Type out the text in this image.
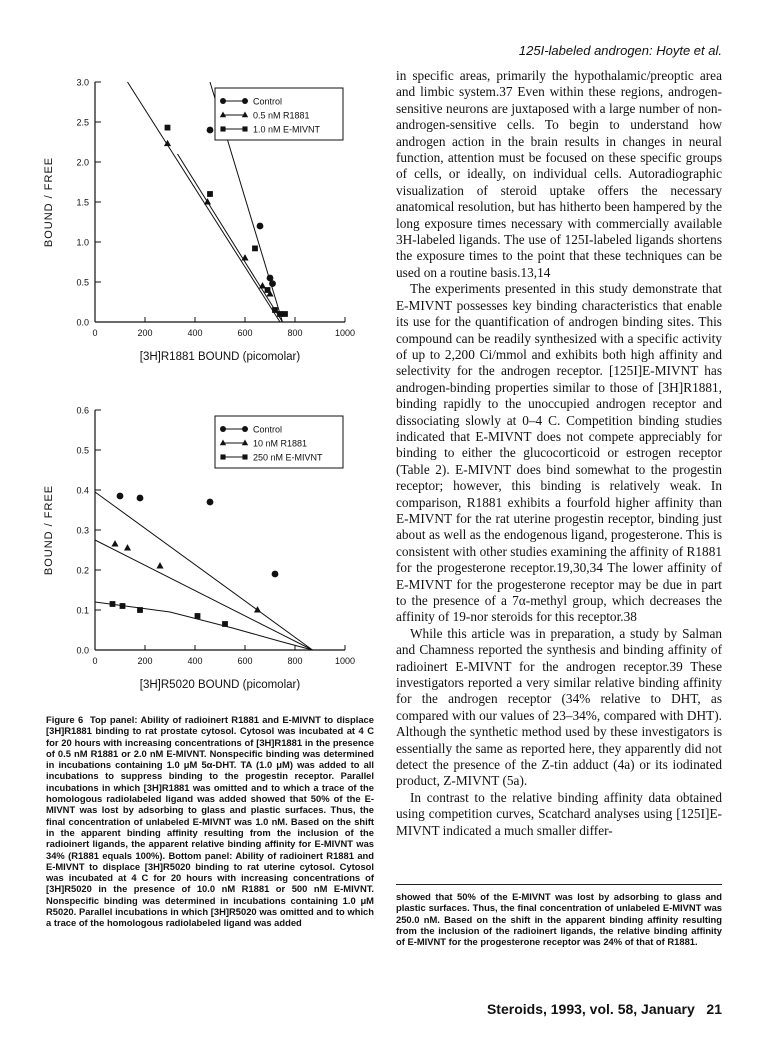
125I-labeled androgen: Hoyte et al.
0.0
0.5
1.0
1.5
2.0
2.5
3.0
0	200	400	600	800	1000
BOUND / FREE
[3H]R1881 BOUND (picomolar)
Control
0.5 nM R1881
1.0 nM E-MIVNT
0.0
0.1
0.2
0.3
0.4
0.5
0.6
0	200	400	600	800	1000
BOUND / FREE
[3H]R5020 BOUND (picomolar)
Control
10 nM R1881
250 nM E-MIVNT
Figure 6 Top panel: Ability of radioinert R1881 and E-MIVNT to displace [3H]R1881 binding to rat prostate cytosol. Cytosol was incubated at 4 C for 20 hours with increasing concentrations of [3H]R1881 in the presence of 0.5 nM R1881 or 2.0 nM E-MIVNT. Nonspecific binding was determined in incubations containing 1.0 μM 5α-DHT. TA (1.0 μM) was added to all incubations to suppress binding to the progestin receptor. Parallel incubations in which [3H]R1881 was omitted and to which a trace of the homologous radiolabeled ligand was added showed that 50% of the E-MIVNT was lost by adsorbing to glass and plastic surfaces. Thus, the final concentration of unlabeled E-MIVNT was 1.0 nM. Based on the shift in the apparent binding affinity resulting from the inclusion of the radioinert ligands, the apparent relative binding affinity for E-MIVNT was 34% (R1881 equals 100%). Bottom panel: Ability of radioinert R1881 and E-MIVNT to displace [3H]R5020 binding to rat uterine cytosol. Cytosol was incubated at 4 C for 20 hours with increasing concentrations of [3H]R5020 in the presence of 10.0 nM R1881 or 500 nM E-MIVNT. Nonspecific binding was determined in incubations containing 1.0 μM R5020. Parallel incubations in which [3H]R5020 was omitted and to which a trace of the homologous radiolabeled ligand was added

in specific areas, primarily the hypothalamic/preoptic area and limbic system.37 Even within these regions, androgen-sensitive neurons are juxtaposed with a large number of non-androgen-sensitive cells. To begin to understand how androgen action in the brain results in changes in neural function, attention must be focused on these specific groups of cells, or ideally, on individual cells. Autoradiographic visualization of steroid uptake offers the necessary anatomical resolution, but has hitherto been hampered by the long exposure times necessary with commercially available 3H-labeled ligands. The use of 125I-labeled ligands shortens the exposure times to the point that these techniques can be used on a routine basis.13,14

The experiments presented in this study demonstrate that E-MIVNT possesses key binding characteristics that enable its use for the quantification of androgen binding sites. This compound can be readily synthesized with a specific activity of up to 2,200 Ci/mmol and exhibits both high affinity and selectivity for the androgen receptor. [125I]E-MIVNT has androgen-binding properties similar to those of [3H]R1881, binding rapidly to the unoccupied androgen receptor and dissociating slowly at 0–4 C. Competition binding studies indicated that E-MIVNT does not compete appreciably for binding to either the glucocorticoid or estrogen receptor (Table 2). E-MIVNT does bind somewhat to the progestin receptor; however, this binding is relatively weak. In comparison, R1881 exhibits a fourfold higher affinity than E-MIVNT for the rat uterine progestin receptor, binding just about as well as the endogenous ligand, progesterone. This is consistent with other studies examining the affinity of R1881 for the progesterone receptor.19,30,34 The lower affinity of E-MIVNT for the progesterone receptor may be due in part to the presence of a 7α-methyl group, which decreases the affinity of 19-nor steroids for this receptor.38

While this article was in preparation, a study by Salman and Chamness reported the synthesis and binding affinity of radioinert E-MIVNT for the androgen receptor.39 These investigators reported a very similar relative binding affinity for the androgen receptor (34% relative to DHT, as compared with our values of 23–34%, compared with DHT). Although the synthetic method used by these investigators is essentially the same as reported here, they apparently did not detect the presence of the Z-tin adduct (4a) or its iodinated product, Z-MIVNT (5a).

In contrast to the relative binding affinity data obtained using competition curves, Scatchard analyses using [125I]E-MIVNT indicated a much smaller differ-

showed that 50% of the E-MIVNT was lost by adsorbing to glass and plastic surfaces. Thus, the final concentration of unlabeled E-MIVNT was 250.0 nM. Based on the shift in the apparent binding affinity resulting from the inclusion of the radioinert ligands, the relative binding affinity of E-MIVNT for the progesterone receptor was 24% of that of R1881.
Steroids, 1993, vol. 58, January 21
